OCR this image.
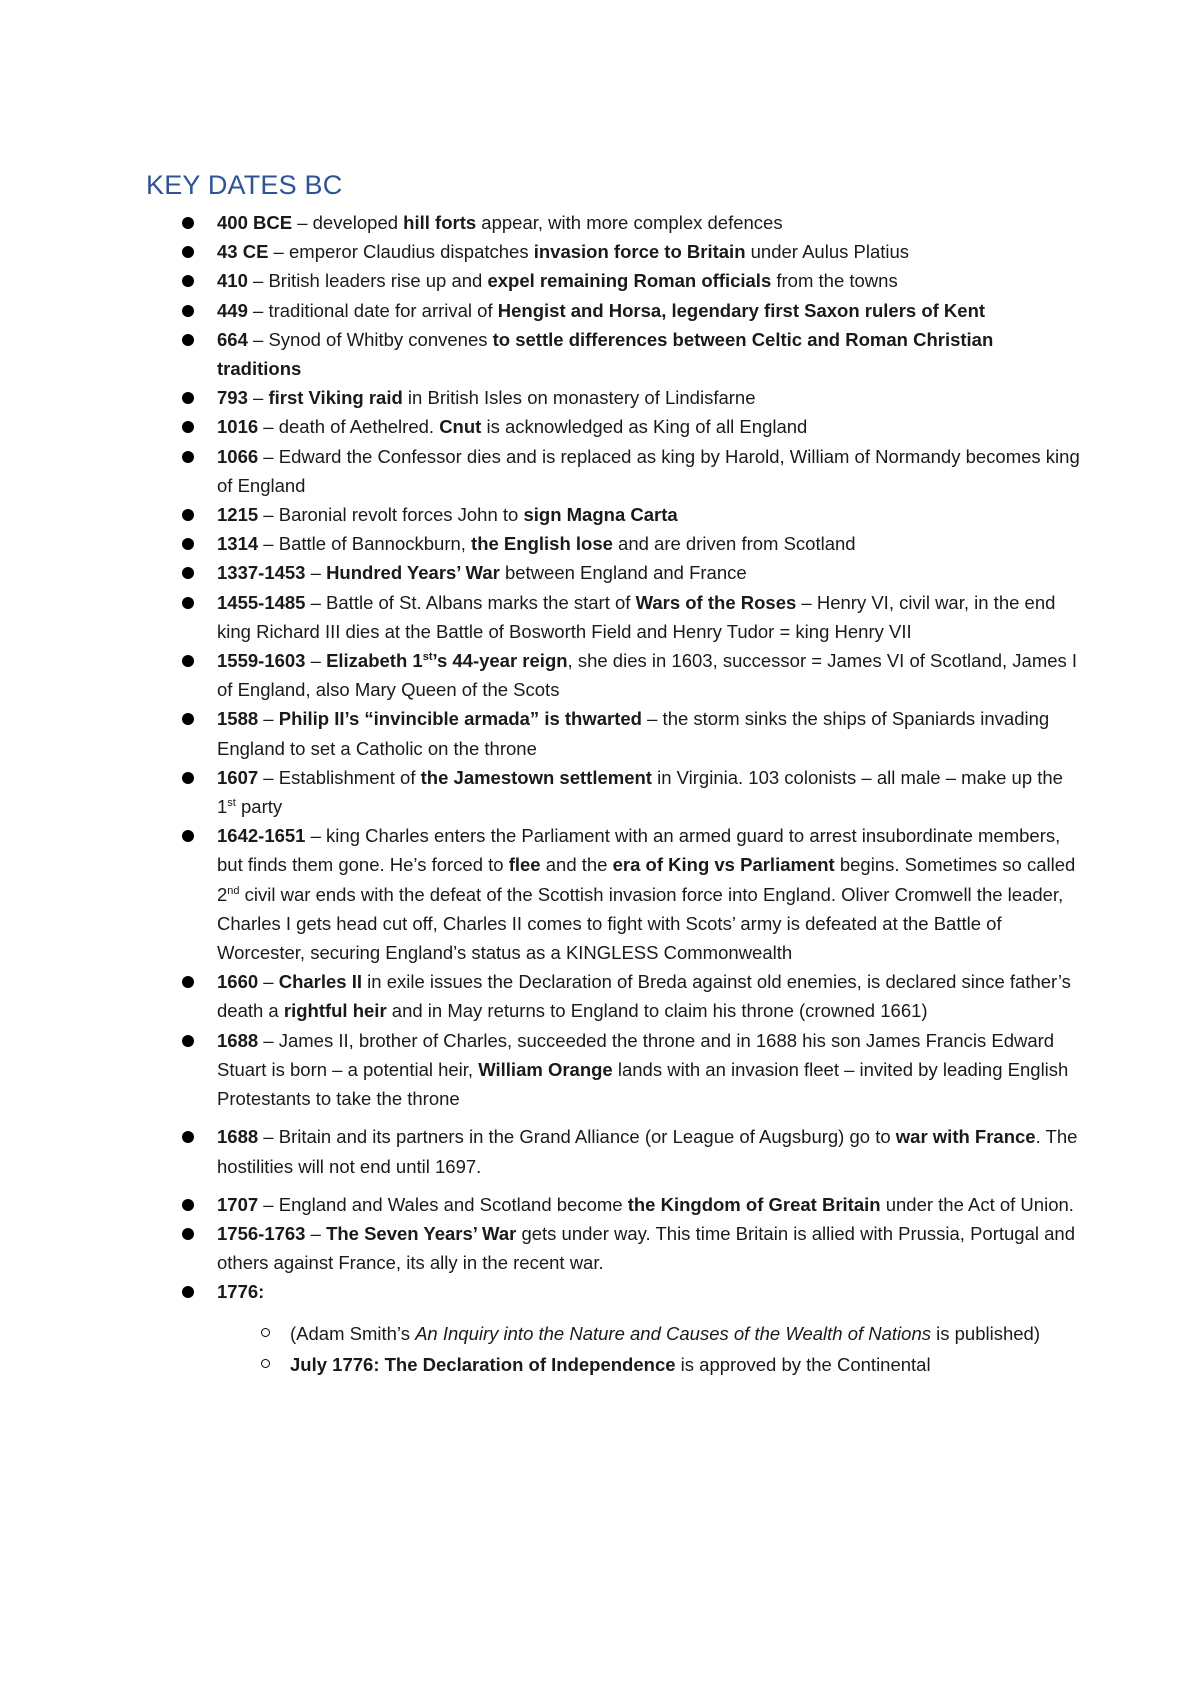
KEY DATES BC
400 BCE – developed hill forts appear, with more complex defences
43 CE – emperor Claudius dispatches invasion force to Britain under Aulus Platius
410 – British leaders rise up and expel remaining Roman officials from the towns
449 – traditional date for arrival of Hengist and Horsa, legendary first Saxon rulers of Kent
664 – Synod of Whitby convenes to settle differences between Celtic and Roman Christian traditions
793 – first Viking raid in British Isles on monastery of Lindisfarne
1016 – death of Aethelred. Cnut is acknowledged as King of all England
1066 – Edward the Confessor dies and is replaced as king by Harold, William of Normandy becomes king of England
1215 – Baronial revolt forces John to sign Magna Carta
1314 – Battle of Bannockburn, the English lose and are driven from Scotland
1337-1453 – Hundred Years’ War between England and France
1455-1485 – Battle of St. Albans marks the start of Wars of the Roses – Henry VI, civil war, in the end king Richard III dies at the Battle of Bosworth Field and Henry Tudor = king Henry VII
1559-1603 – Elizabeth 1st’s 44-year reign, she dies in 1603, successor = James VI of Scotland, James I of England, also Mary Queen of the Scots
1588 – Philip II’s “invincible armada” is thwarted – the storm sinks the ships of Spaniards invading England to set a Catholic on the throne
1607 – Establishment of the Jamestown settlement in Virginia. 103 colonists – all male – make up the 1st party
1642-1651 – king Charles enters the Parliament with an armed guard to arrest insubordinate members, but finds them gone. He’s forced to flee and the era of King vs Parliament begins. Sometimes so called 2nd civil war ends with the defeat of the Scottish invasion force into England. Oliver Cromwell the leader, Charles I gets head cut off, Charles II comes to fight with Scots’ army is defeated at the Battle of Worcester, securing England’s status as a KINGLESS Commonwealth
1660 – Charles II in exile issues the Declaration of Breda against old enemies, is declared since father’s death a rightful heir and in May returns to England to claim his throne (crowned 1661)
1688 – James II, brother of Charles, succeeded the throne and in 1688 his son James Francis Edward Stuart is born – a potential heir, William Orange lands with an invasion fleet – invited by leading English Protestants to take the throne
1688 – Britain and its partners in the Grand Alliance (or League of Augsburg) go to war with France. The hostilities will not end until 1697.
1707 – England and Wales and Scotland become the Kingdom of Great Britain under the Act of Union.
1756-1763 – The Seven Years’ War gets under way. This time Britain is allied with Prussia, Portugal and others against France, its ally in the recent war.
1776:
(Adam Smith’s An Inquiry into the Nature and Causes of the Wealth of Nations is published)
July 1776: The Declaration of Independence is approved by the Continental
